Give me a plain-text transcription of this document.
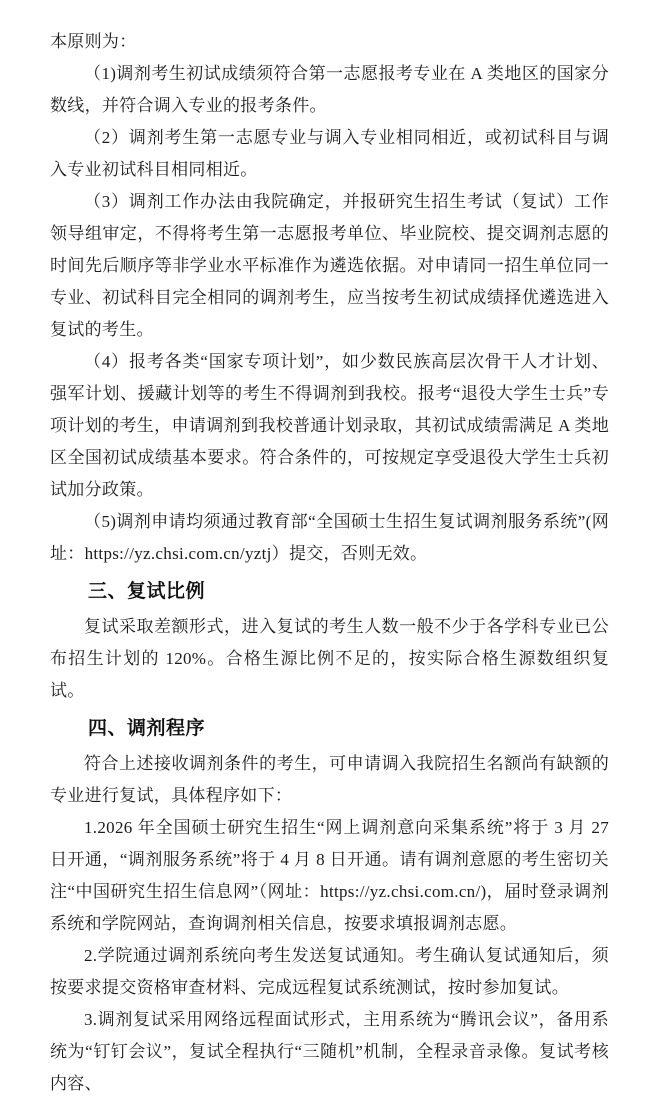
本原则为：

（1)调剂考生初试成绩须符合第一志愿报考专业在 A 类地区的国家分数线，并符合调入专业的报考条件。

（2）调剂考生第一志愿专业与调入专业相同相近，或初试科目与调入专业初试科目相同相近。

（3）调剂工作办法由我院确定，并报研究生招生考试（复试）工作领导组审定，不得将考生第一志愿报考单位、毕业院校、提交调剂志愿的时间先后顺序等非学业水平标准作为遴选依据。对申请同一招生单位同一专业、初试科目完全相同的调剂考生，应当按考生初试成绩择优遴选进入复试的考生。

（4）报考各类“国家专项计划”，如少数民族高层次骨干人才计划、强军计划、援藏计划等的考生不得调剂到我校。报考“退役大学生士兵”专项计划的考生，申请调剂到我校普通计划录取，其初试成绩需满足 A 类地区全国初试成绩基本要求。符合条件的，可按规定享受退役大学生士兵初试加分政策。

（5)调剂申请均须通过教育部“全国硕士生招生复试调剂服务系统”(网址：https://yz.chsi.com.cn/yztj）提交，否则无效。

三、复试比例

复试采取差额形式，进入复试的考生人数一般不少于各学科专业已公布招生计划的 120%。合格生源比例不足的，按实际合格生源数组织复试。

四、调剂程序

符合上述接收调剂条件的考生，可申请调入我院招生名额尚有缺额的专业进行复试，具体程序如下：

1.2026 年全国硕士研究生招生“网上调剂意向采集系统”将于 3 月 27 日开通，“调剂服务系统”将于 4 月 8 日开通。请有调剂意愿的考生密切关注“中国研究生招生信息网”（网址：https://yz.chsi.com.cn/)，届时登录调剂系统和学院网站，查询调剂相关信息，按要求填报调剂志愿。

2.学院通过调剂系统向考生发送复试通知。考生确认复试通知后，须按要求提交资格审查材料、完成远程复试系统测试，按时参加复试。

3.调剂复试采用网络远程面试形式，主用系统为“腾讯会议”，备用系统为“钉钉会议”，复试全程执行“三随机”机制，全程录音录像。复试考核内容、
